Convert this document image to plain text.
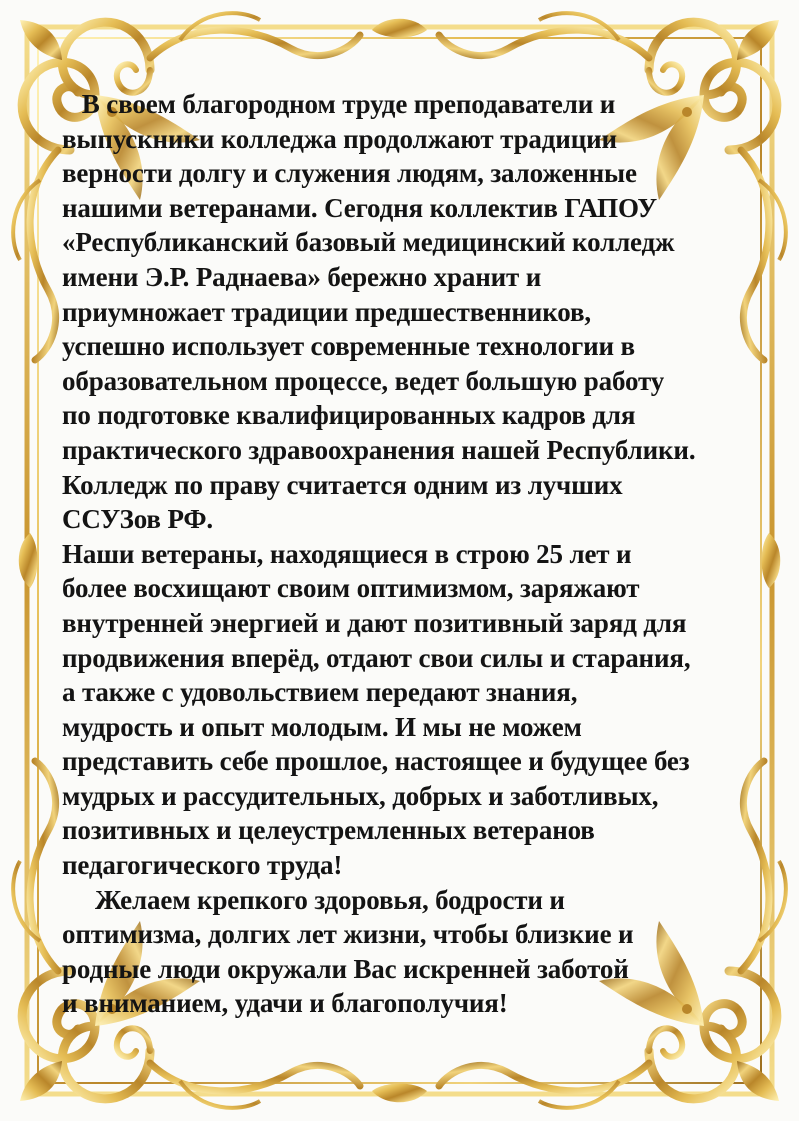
В своем благородном труде преподаватели и
выпускники колледжа продолжают традиции
верности долгу и служения людям, заложенные
нашими ветеранами. Сегодня коллектив ГАПОУ
«Республиканский базовый медицинский колледж
имени Э.Р. Раднаева» бережно хранит и
приумножает традиции предшественников,
успешно использует современные технологии в
образовательном процессе, ведет большую работу
по подготовке квалифицированных кадров для
практического здравоохранения нашей Республики.
Колледж по праву считается одним из лучших
ССУЗов РФ.
Наши ветераны, находящиеся в строю 25 лет и
более восхищают своим оптимизмом, заряжают
внутренней энергией и дают позитивный заряд для
продвижения вперёд, отдают свои силы и старания,
а также с удовольствием передают знания,
мудрость и опыт молодым. И мы не можем
представить себе прошлое, настоящее и будущее без
мудрых и рассудительных, добрых и заботливых,
позитивных и целеустремленных ветеранов
педагогического труда!
Желаем крепкого здоровья, бодрости и
оптимизма, долгих лет жизни, чтобы близкие и
родные люди окружали Вас искренней заботой
и вниманием, удачи и благополучия!
